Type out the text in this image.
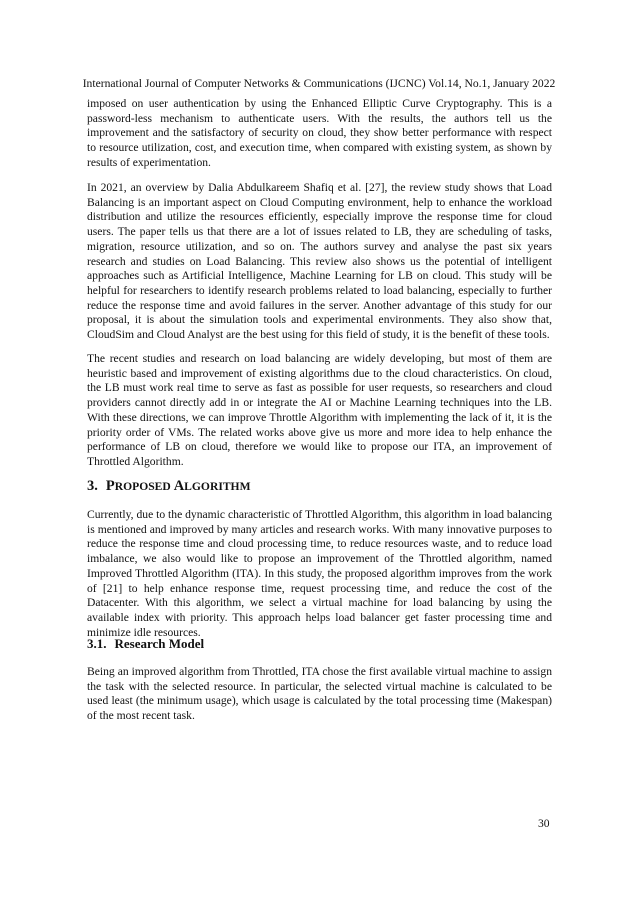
International Journal of Computer Networks & Communications (IJCNC) Vol.14, No.1, January 2022

imposed on user authentication by using the Enhanced Elliptic Curve Cryptography. This is a password-less mechanism to authenticate users. With the results, the authors tell us the improvement and the satisfactory of security on cloud, they show better performance with respect to resource utilization, cost, and execution time, when compared with existing system, as shown by results of experimentation.

In 2021, an overview by Dalia Abdulkareem Shafiq et al. [27], the review study shows that Load Balancing is an important aspect on Cloud Computing environment, help to enhance the workload distribution and utilize the resources efficiently, especially improve the response time for cloud users. The paper tells us that there are a lot of issues related to LB, they are scheduling of tasks, migration, resource utilization, and so on. The authors survey and analyse the past six years research and studies on Load Balancing. This review also shows us the potential of intelligent approaches such as Artificial Intelligence, Machine Learning for LB on cloud. This study will be helpful for researchers to identify research problems related to load balancing, especially to further reduce the response time and avoid failures in the server. Another advantage of this study for our proposal, it is about the simulation tools and experimental environments. They also show that, CloudSim and Cloud Analyst are the best using for this field of study, it is the benefit of these tools.

The recent studies and research on load balancing are widely developing, but most of them are heuristic based and improvement of existing algorithms due to the cloud characteristics. On cloud, the LB must work real time to serve as fast as possible for user requests, so researchers and cloud providers cannot directly add in or integrate the AI or Machine Learning techniques into the LB. With these directions, we can improve Throttle Algorithm with implementing the lack of it, it is the priority order of VMs. The related works above give us more and more idea to help enhance the performance of LB on cloud, therefore we would like to propose our ITA, an improvement of Throttled Algorithm.

3. PROPOSED ALGORITHM

Currently, due to the dynamic characteristic of Throttled Algorithm, this algorithm in load balancing is mentioned and improved by many articles and research works. With many innovative purposes to reduce the response time and cloud processing time, to reduce resources waste, and to reduce load imbalance, we also would like to propose an improvement of the Throttled algorithm, named Improved Throttled Algorithm (ITA). In this study, the proposed algorithm improves from the work of [21] to help enhance response time, request processing time, and reduce the cost of the Datacenter. With this algorithm, we select a virtual machine for load balancing by using the available index with priority. This approach helps load balancer get faster processing time and minimize idle resources.

3.1. Research Model

Being an improved algorithm from Throttled, ITA chose the first available virtual machine to assign the task with the selected resource. In particular, the selected virtual machine is calculated to be used least (the minimum usage), which usage is calculated by the total processing time (Makespan) of the most recent task.

30
